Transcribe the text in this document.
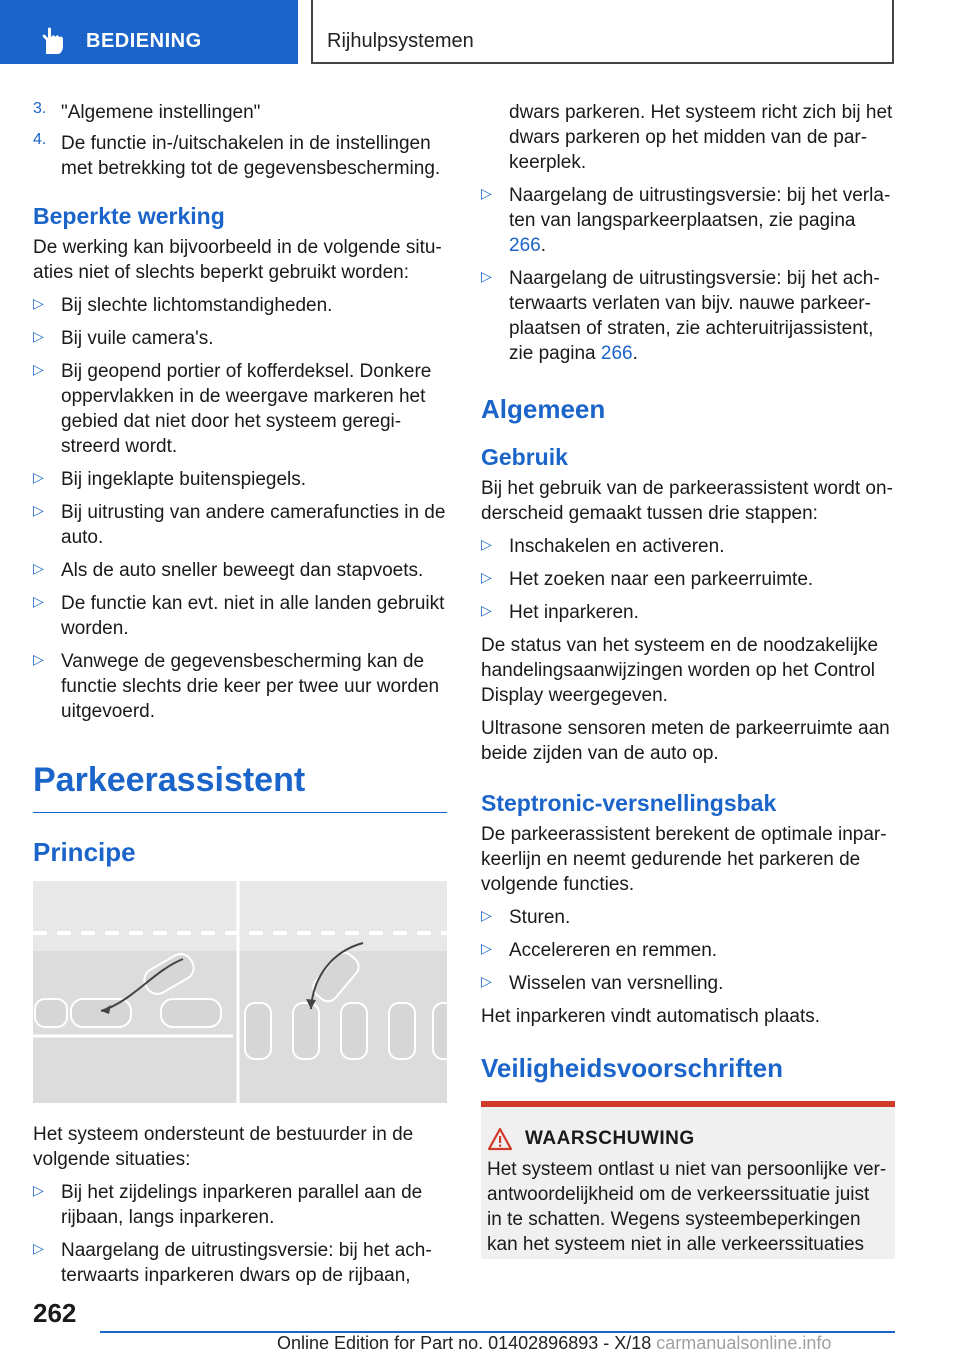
BEDIENING	Rijhulpsystemen
3. "Algemene instellingen"
4. De functie in-/uitschakelen in de instellingen met betrekking tot de gegevensbescherming.
Beperkte werking

De werking kan bijvoorbeeld in de volgende situaties niet of slechts beperkt gebruikt worden:

▷ Bij slechte lichtomstandigheden.
▷ Bij vuile camera's.
▷ Bij geopend portier of kofferdeksel. Donkere oppervlakken in de weergave markeren het gebied dat niet door het systeem geregistreerd wordt.
▷ Bij ingeklapte buitenspiegels.
▷ Bij uitrusting van andere camerafuncties in de auto.
▷ Als de auto sneller beweegt dan stapvoets.
▷ De functie kan evt. niet in alle landen gebruikt worden.
▷ Vanwege de gegevensbescherming kan de functie slechts drie keer per twee uur worden uitgevoerd.
Parkeerassistent
Principe

Het systeem ondersteunt de bestuurder in de volgende situaties:

▷ Bij het zijdelings inparkeren parallel aan de rijbaan, langs inparkeren.
▷ Naargelang de uitrustingsversie: bij het achterwaarts inparkeren dwars op de rijbaan,
dwars parkeren. Het systeem richt zich bij het dwars parkeren op het midden van de parkeerplek.
▷ Naargelang de uitrustingsversie: bij het verlaten van langsparkeerplaatsen, zie pagina 266.
▷ Naargelang de uitrustingsversie: bij het achterwaarts verlaten van bijv. nauwe parkeerplaatsen of straten, zie achteruitrijassistent, zie pagina 266.
Algemeen
Gebruik

Bij het gebruik van de parkeerassistent wordt onderscheid gemaakt tussen drie stappen:

▷ Inschakelen en activeren.
▷ Het zoeken naar een parkeerruimte.
▷ Het inparkeren.

De status van het systeem en de noodzakelijke handelingsaanwijzingen worden op het Control Display weergegeven.

Ultrasone sensoren meten de parkeerruimte aan beide zijden van de auto op.

Steptronic-versnellingsbak

De parkeerassistent berekent de optimale inparkeerlijn en neemt gedurende het parkeren de volgende functies.

▷ Sturen.
▷ Accelereren en remmen.
▷ Wisselen van versnelling.

Het inparkeren vindt automatisch plaats.

Veiligheidsvoorschriften
WAARSCHUWING

Het systeem ontlast u niet van persoonlijke verantwoordelijkheid om de verkeerssituatie juist in te schatten. Wegens systeembeperkingen kan het systeem niet in alle verkeerssituaties

262
Online Edition for Part no. 01402896893 - X/18 carmanualsonline.info
